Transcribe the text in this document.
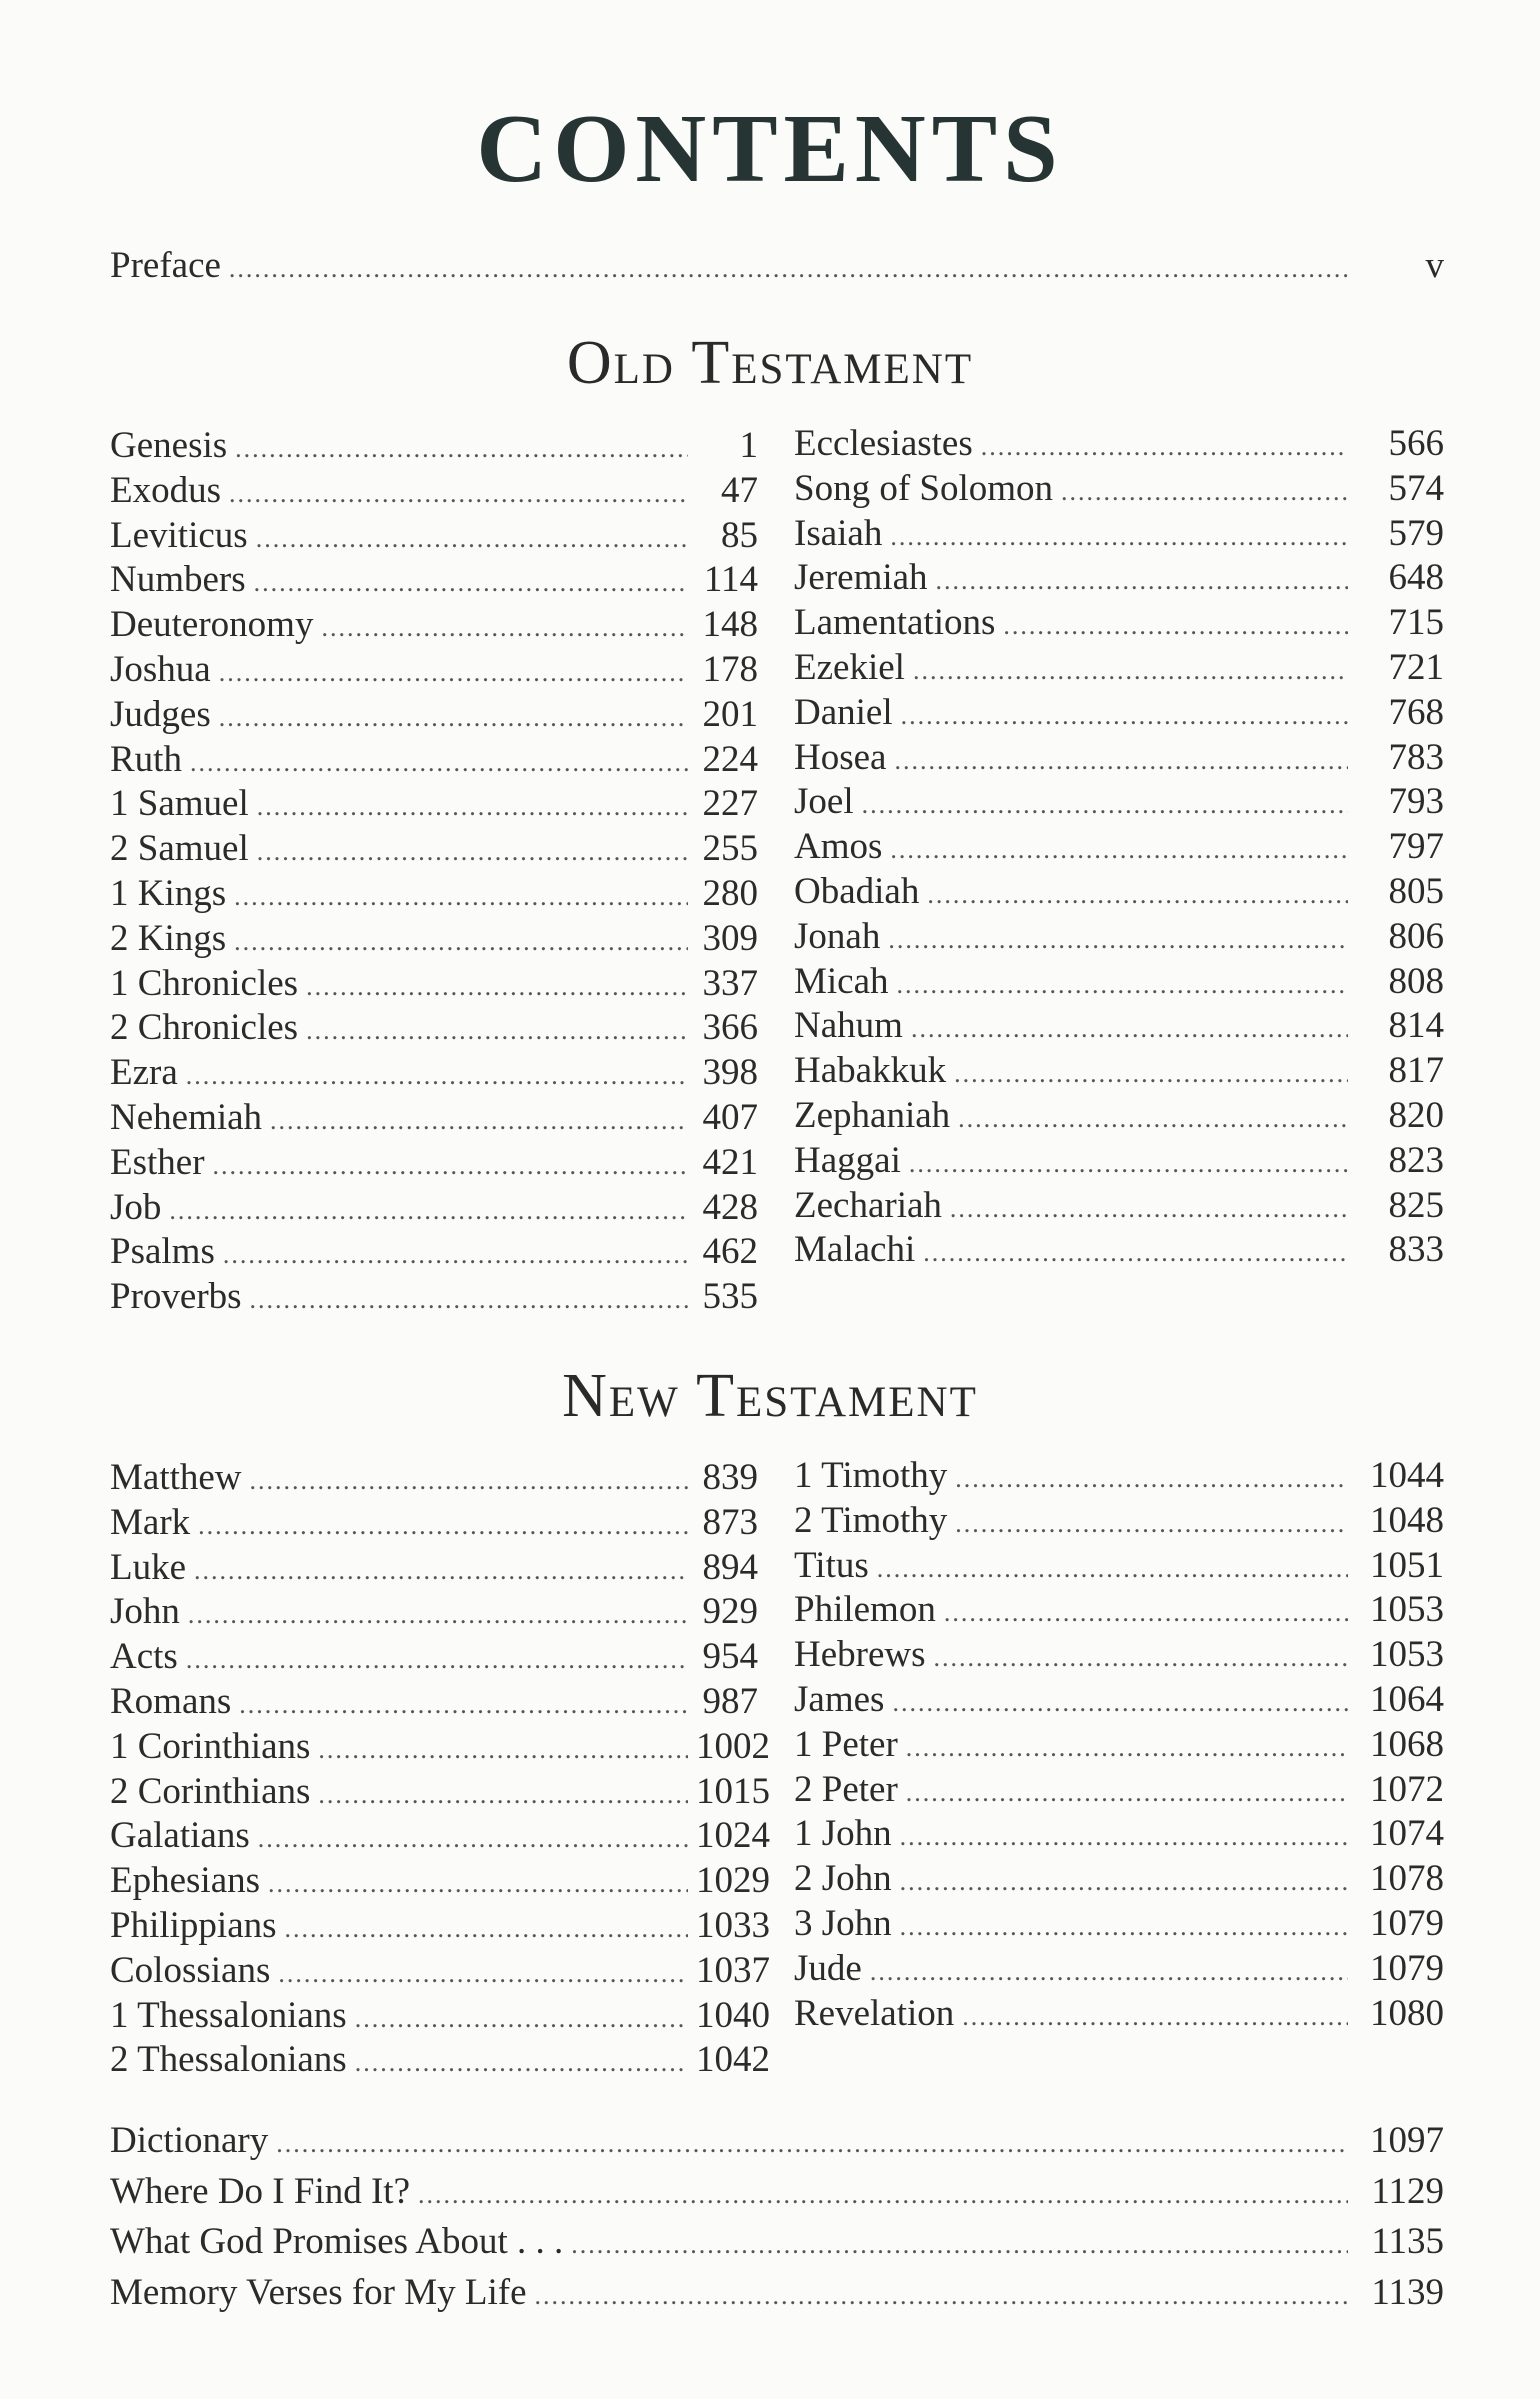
CONTENTS
Preface .....	v
Old Testament
Genesis .....	1
Exodus .....	47
Leviticus .....	85
Numbers .....	114
Deuteronomy .....	148
Joshua .....	178
Judges .....	201
Ruth .....	224
1 Samuel .....	227
2 Samuel .....	255
1 Kings .....	280
2 Kings .....	309
1 Chronicles .....	337
2 Chronicles .....	366
Ezra .....	398
Nehemiah .....	407
Esther .....	421
Job .....	428
Psalms .....	462
Proverbs .....	535
Ecclesiastes .....	566
Song of Solomon .....	574
Isaiah .....	579
Jeremiah .....	648
Lamentations .....	715
Ezekiel .....	721
Daniel .....	768
Hosea .....	783
Joel .....	793
Amos .....	797
Obadiah .....	805
Jonah .....	806
Micah .....	808
Nahum .....	814
Habakkuk .....	817
Zephaniah .....	820
Haggai .....	823
Zechariah .....	825
Malachi .....	833
New Testament
Matthew .....	839
Mark .....	873
Luke .....	894
John .....	929
Acts .....	954
Romans .....	987
1 Corinthians .....	1002
2 Corinthians .....	1015
Galatians .....	1024
Ephesians .....	1029
Philippians .....	1033
Colossians .....	1037
1 Thessalonians .....	1040
2 Thessalonians .....	1042
1 Timothy .....	1044
2 Timothy .....	1048
Titus .....	1051
Philemon .....	1053
Hebrews .....	1053
James .....	1064
1 Peter .....	1068
2 Peter .....	1072
1 John .....	1074
2 John .....	1078
3 John .....	1079
Jude .....	1079
Revelation .....	1080
Dictionary .....	1097
Where Do I Find It? .....	1129
What God Promises About . . . .....	1135
Memory Verses for My Life .....	1139
